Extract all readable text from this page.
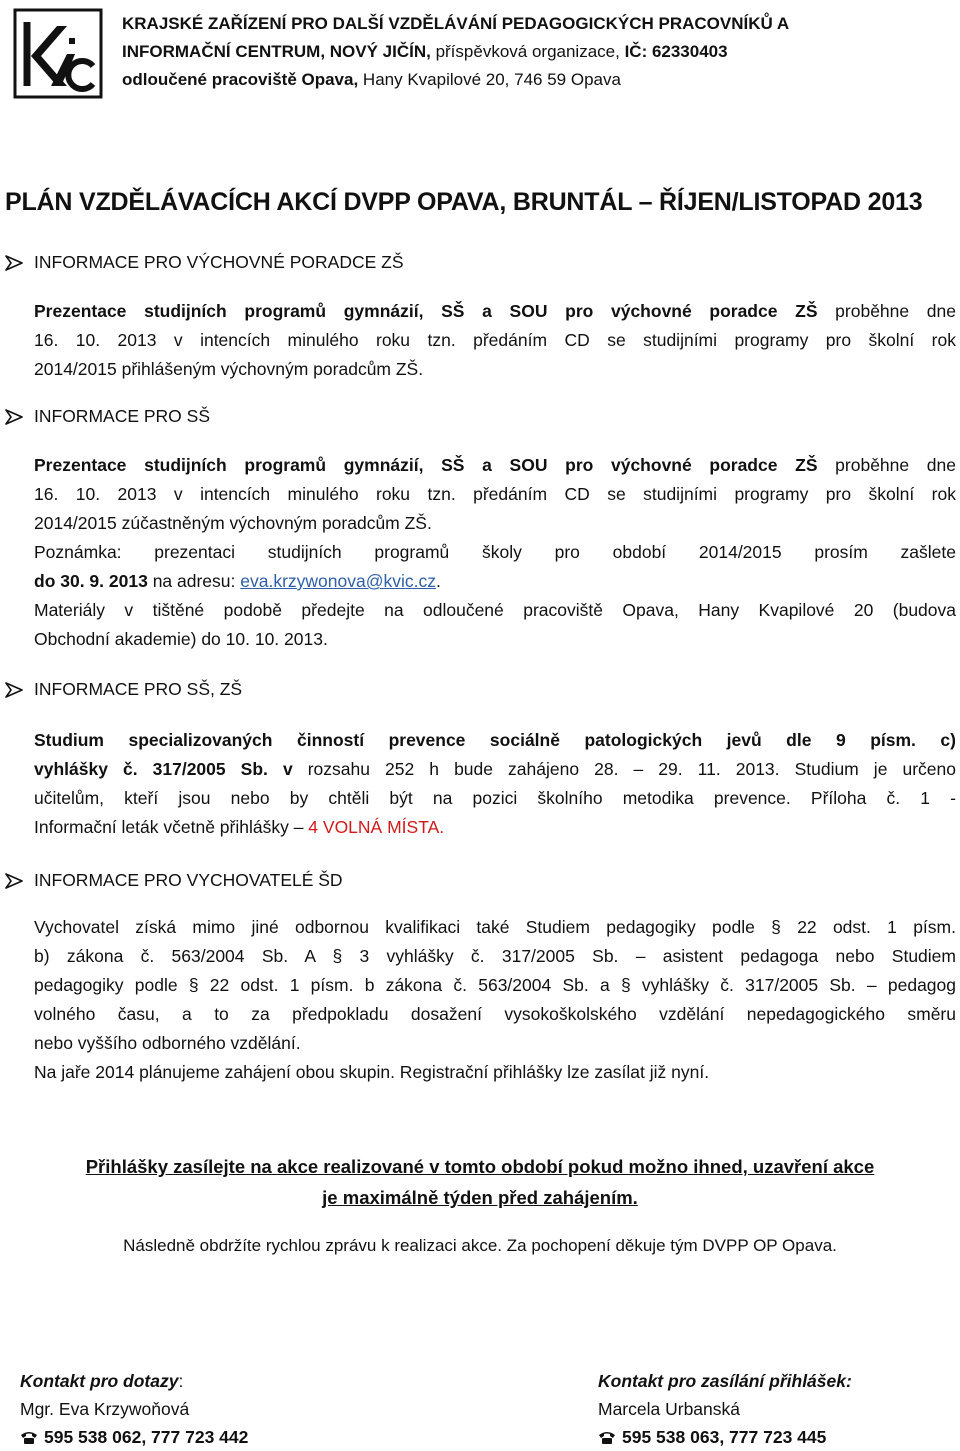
KRAJSKÉ ZAŘÍZENÍ PRO DALŠÍ VZDĚLÁVÁNÍ PEDAGOGICKÝCH PRACOVNÍKŮ A
INFORMAČNÍ CENTRUM, NOVÝ JIČÍN, příspěvková organizace, IČ: 62330403
odloučené pracoviště Opava, Hany Kvapilové 20, 746 59 Opava
PLÁN VZDĚLÁVACÍCH AKCÍ DVPP OPAVA, BRUNTÁL – ŘÍJEN/LISTOPAD 2013
INFORMACE PRO VÝCHOVNÉ PORADCE ZŠ
Prezentace studijních programů gymnázií, SŠ a SOU pro výchovné poradce ZŠ proběhne dne
16. 10. 2013 v intencích minulého roku tzn. předáním CD se studijními programy pro školní rok
2014/2015 přihlášeným výchovným poradcům ZŠ.
INFORMACE PRO SŠ
Prezentace studijních programů gymnázií, SŠ a SOU pro výchovné poradce ZŠ proběhne dne
16. 10. 2013 v intencích minulého roku tzn. předáním CD se studijními programy pro školní rok
2014/2015 zúčastněným výchovným poradcům ZŠ.
Poznámka: prezentaci studijních programů školy pro období 2014/2015 prosím zašlete
do 30. 9. 2013 na adresu: eva.krzywonova@kvic.cz.
Materiály v tištěné podobě předejte na odloučené pracoviště Opava, Hany Kvapilové 20 (budova
Obchodní akademie) do 10. 10. 2013.
INFORMACE PRO SŠ, ZŠ
Studium specializovaných činností prevence sociálně patologických jevů dle 9 písm. c)
vyhlášky č. 317/2005 Sb. v rozsahu 252 h bude zahájeno 28. – 29. 11. 2013. Studium je určeno
učitelům, kteří jsou nebo by chtěli být na pozici školního metodika prevence. Příloha č. 1 -
Informační leták včetně přihlášky – 4 VOLNÁ MÍSTA.
INFORMACE PRO VYCHOVATELÉ ŠD
Vychovatel získá mimo jiné odbornou kvalifikaci také Studiem pedagogiky podle § 22 odst. 1 písm.
b) zákona č. 563/2004 Sb. A § 3 vyhlášky č. 317/2005 Sb. – asistent pedagoga nebo Studiem
pedagogiky podle § 22 odst. 1 písm. b zákona č. 563/2004 Sb. a § vyhlášky č. 317/2005 Sb. – pedagog
volného času, a to za předpokladu dosažení vysokoškolského vzdělání nepedagogického směru
nebo vyššího odborného vzdělání.
Na jaře 2014 plánujeme zahájení obou skupin. Registrační přihlášky lze zasílat již nyní.
Přihlášky zasílejte na akce realizované v tomto období pokud možno ihned, uzavření akce
je maximálně týden před zahájením.
Následně obdržíte rychlou zprávu k realizaci akce. Za pochopení děkuje tým DVPP OP Opava.
Kontakt pro dotazy:
Mgr. Eva Krzywoňová
595 538 062, 777 723 442
Kontakt pro zasílání přihlášek:
Marcela Urbanská
595 538 063, 777 723 445
